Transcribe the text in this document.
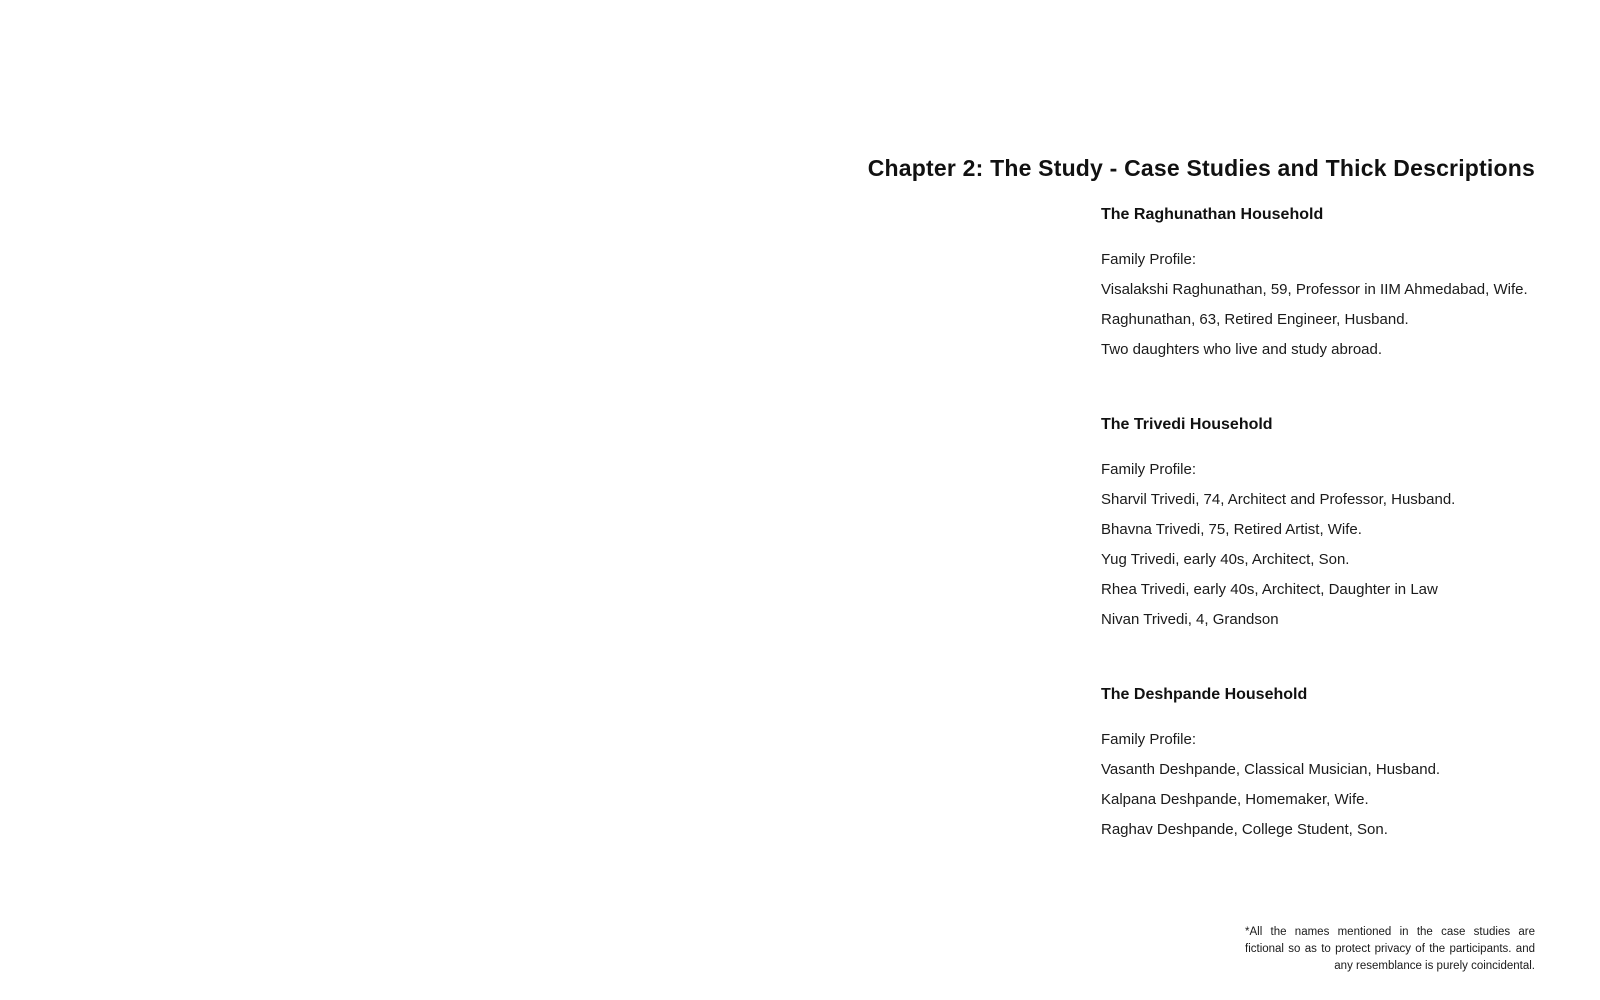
Chapter 2: The Study - Case Studies and Thick Descriptions
The Raghunathan Household

Family Profile:

Visalakshi Raghunathan, 59, Professor in IIM Ahmedabad, Wife.
Raghunathan, 63, Retired Engineer, Husband.
Two daughters who live and study abroad.
The Trivedi Household

Family Profile:

Sharvil Trivedi, 74, Architect and Professor, Husband.
Bhavna Trivedi, 75, Retired Artist, Wife.
Yug Trivedi, early 40s, Architect, Son.
Rhea Trivedi, early 40s, Architect, Daughter in Law
Nivan Trivedi, 4, Grandson
The Deshpande Household

Family Profile:

Vasanth Deshpande, Classical Musician, Husband.
Kalpana Deshpande, Homemaker, Wife.
Raghav Deshpande, College Student, Son.

*All the names mentioned in the case studies are fictional so as to protect privacy of the participants. and any resemblance is purely coincidental.
